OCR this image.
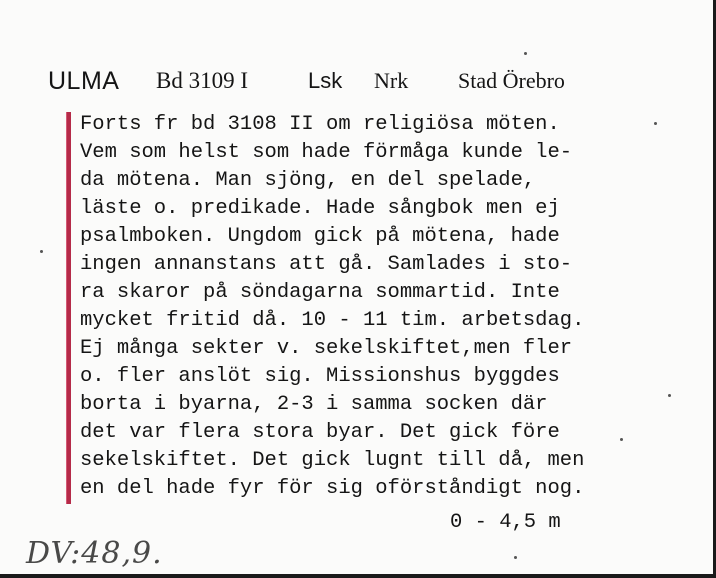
ULMA Bd 3109 I	Lsk Nrk Stad Örebro
Forts fr bd 3108 II om religiösa möten.
Vem som helst som hade förmåga kunde le-
da mötena. Man sjöng, en del spelade,
läste o. predikade. Hade sångbok men ej
psalmboken. Ungdom gick på mötena, hade
ingen annanstans att gå. Samlades i sto-
ra skaror på söndagarna sommartid. Inte
mycket fritid då. 10 - 11 tim. arbetsdag.
Ej många sekter v. sekelskiftet,men fler
o. fler anslöt sig. Missionshus byggdes
borta i byarna, 2-3 i samma socken där
det var flera stora byar. Det gick före
sekelskiftet. Det gick lugnt till då, men
en del hade fyr för sig oförståndigt nog.
0 - 4,5 m
DV:48,9.
